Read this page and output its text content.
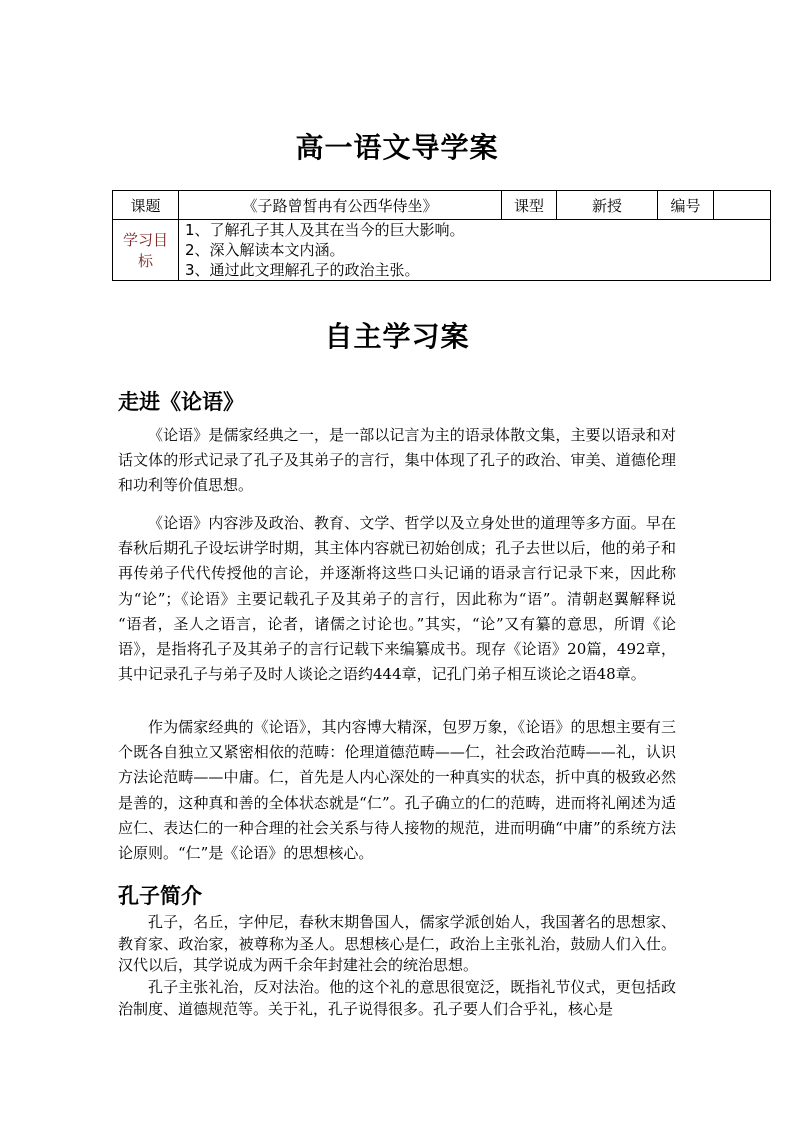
高一语文导学案
课题	《子路曾皙冉有公西华侍坐》	课型	新授	编号	
学习目标	1、了解孔子其人及其在当今的巨大影响。
2、深入解读本文内涵。
3、通过此文理解孔子的政治主张。				
自主学习案
走进《论语》

《论语》是儒家经典之一，是一部以记言为主的语录体散文集，主要以语录和对话文体的形式记录了孔子及其弟子的言行，集中体现了孔子的政治、审美、道德伦理和功利等价值思想。

《论语》内容涉及政治、教育、文学、哲学以及立身处世的道理等多方面。早在春秋后期孔子设坛讲学时期，其主体内容就已初始创成；孔子去世以后，他的弟子和再传弟子代代传授他的言论，并逐渐将这些口头记诵的语录言行记录下来，因此称为“论”；《论语》主要记载孔子及其弟子的言行，因此称为“语”。清朝赵翼解释说 “语者，圣人之语言，论者，诸儒之讨论也。”其实，“论”又有纂的意思，所谓《论语》，是指将孔子及其弟子的言行记载下来编纂成书。现存《论语》20篇，492章，其中记录孔子与弟子及时人谈论之语约444章，记孔门弟子相互谈论之语48章。

作为儒家经典的《论语》，其内容博大精深，包罗万象，《论语》的思想主要有三个既各自独立又紧密相依的范畴：伦理道德范畴——仁，社会政治范畴——礼，认识方法论范畴——中庸。仁，首先是人内心深处的一种真实的状态，折中真的极致必然是善的，这种真和善的全体状态就是“仁”。孔子确立的仁的范畴，进而将礼阐述为适应仁、表达仁的一种合理的社会关系与待人接物的规范，进而明确“中庸”的系统方法论原则。“仁”是《论语》的思想核心。

孔子简介

孔子，名丘，字仲尼，春秋末期鲁国人，儒家学派创始人，我国著名的思想家、教育家、政治家，被尊称为圣人。思想核心是仁，政治上主张礼治，鼓励人们入仕。汉代以后，其学说成为两千余年封建社会的统治思想。

孔子主张礼治，反对法治。他的这个礼的意思很宽泛，既指礼节仪式，更包括政治制度、道德规范等。关于礼，孔子说得很多。孔子要人们合乎礼，核心是
